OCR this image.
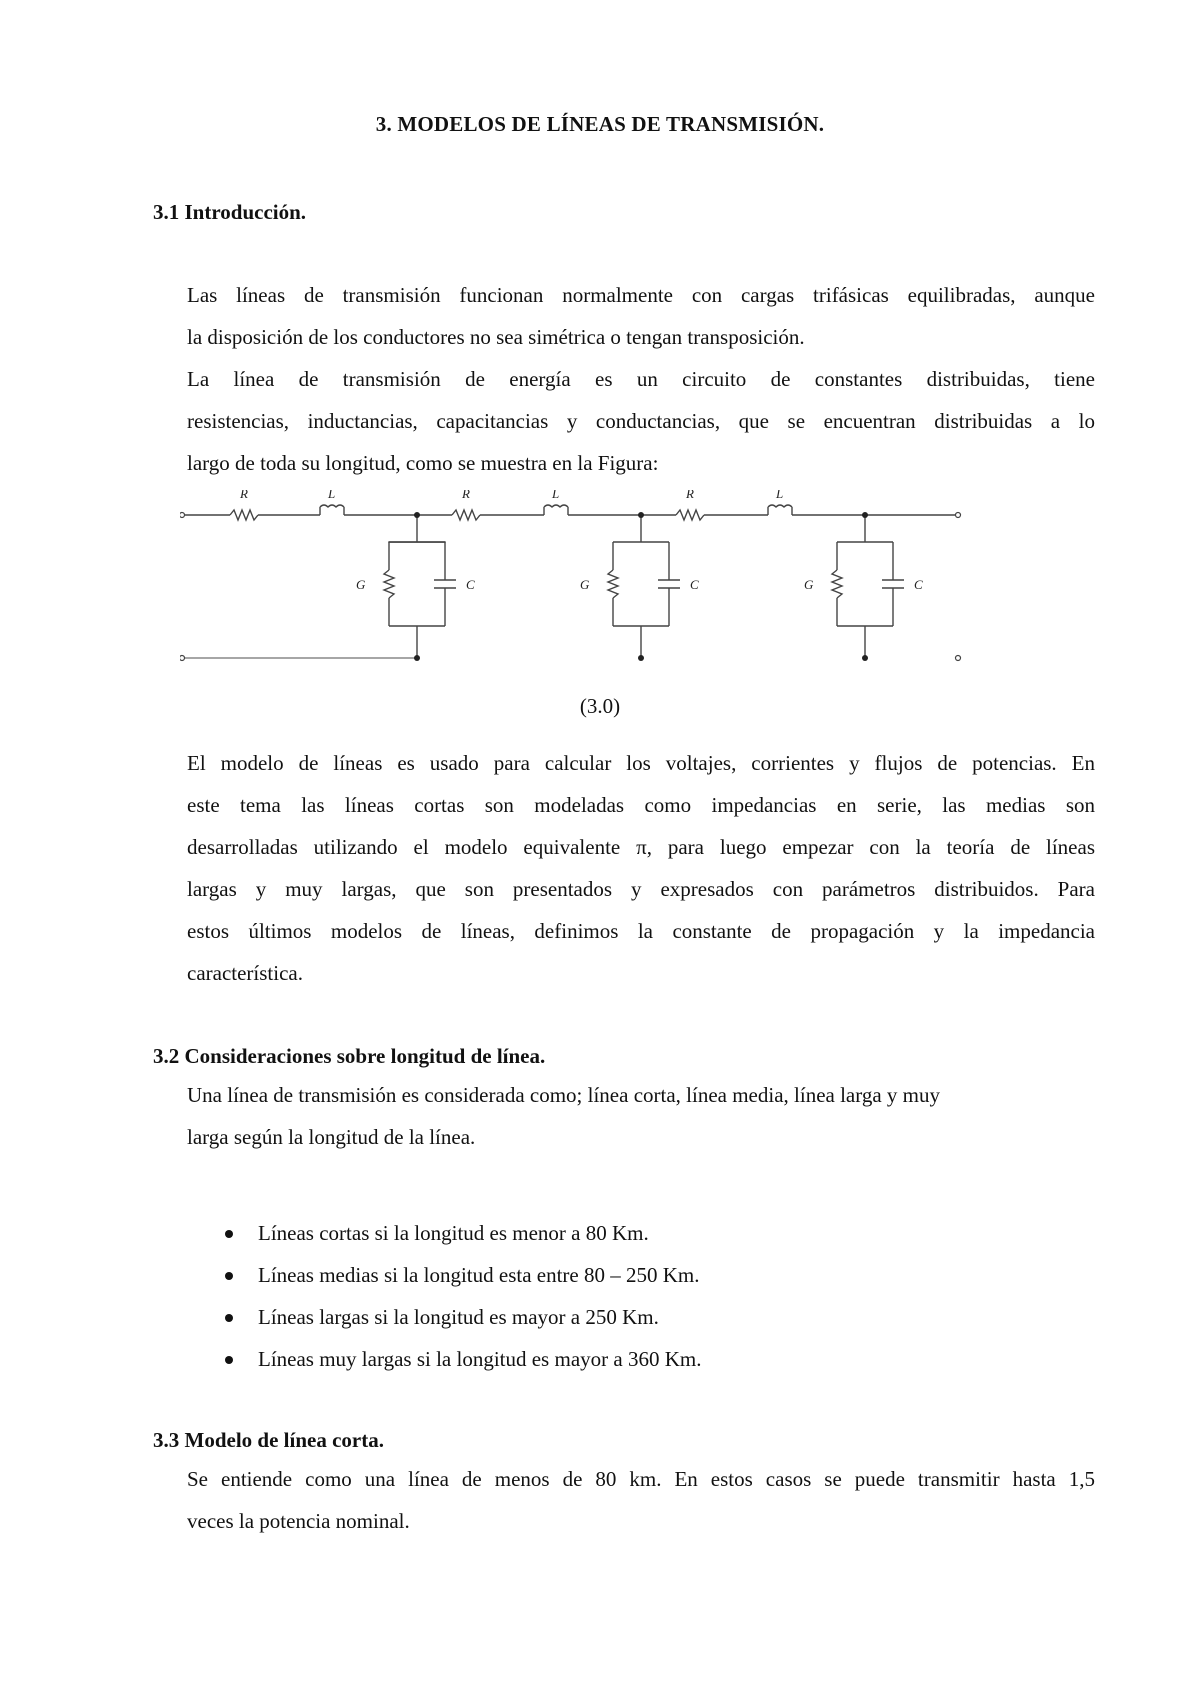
3. MODELOS DE LÍNEAS DE TRANSMISIÓN.
3.1 Introducción.
Las líneas de transmisión funcionan normalmente con cargas trifásicas equilibradas, aunque
la disposición de los conductores no sea simétrica o tengan transposición.
La línea de transmisión de energía es un circuito de constantes distribuidas, tiene
resistencias, inductancias, capacitancias y conductancias, que se encuentran distribuidas a lo
largo de toda su longitud, como se muestra en la Figura:
R	L	R	L	R	L
G	C	G	C	G	C
(3.0)
El modelo de líneas es usado para calcular los voltajes, corrientes y flujos de potencias. En
este tema las líneas cortas son modeladas como impedancias en serie, las medias son
desarrolladas utilizando el modelo equivalente π, para luego empezar con la teoría de líneas
largas y muy largas, que son presentados y expresados con parámetros distribuidos. Para
estos últimos modelos de líneas, definimos la constante de propagación y la impedancia
característica.
3.2 Consideraciones sobre longitud de línea.
Una línea de transmisión es considerada como; línea corta, línea media, línea larga y muy
larga según la longitud de la línea.
Líneas cortas si la longitud es menor a 80 Km.
Líneas medias si la longitud esta entre 80 – 250 Km.
Líneas largas si la longitud es mayor a 250 Km.
Líneas muy largas si la longitud es mayor a 360 Km.
3.3 Modelo de línea corta.
Se entiende como una línea de menos de 80 km. En estos casos se puede transmitir hasta 1,5
veces la potencia nominal.
